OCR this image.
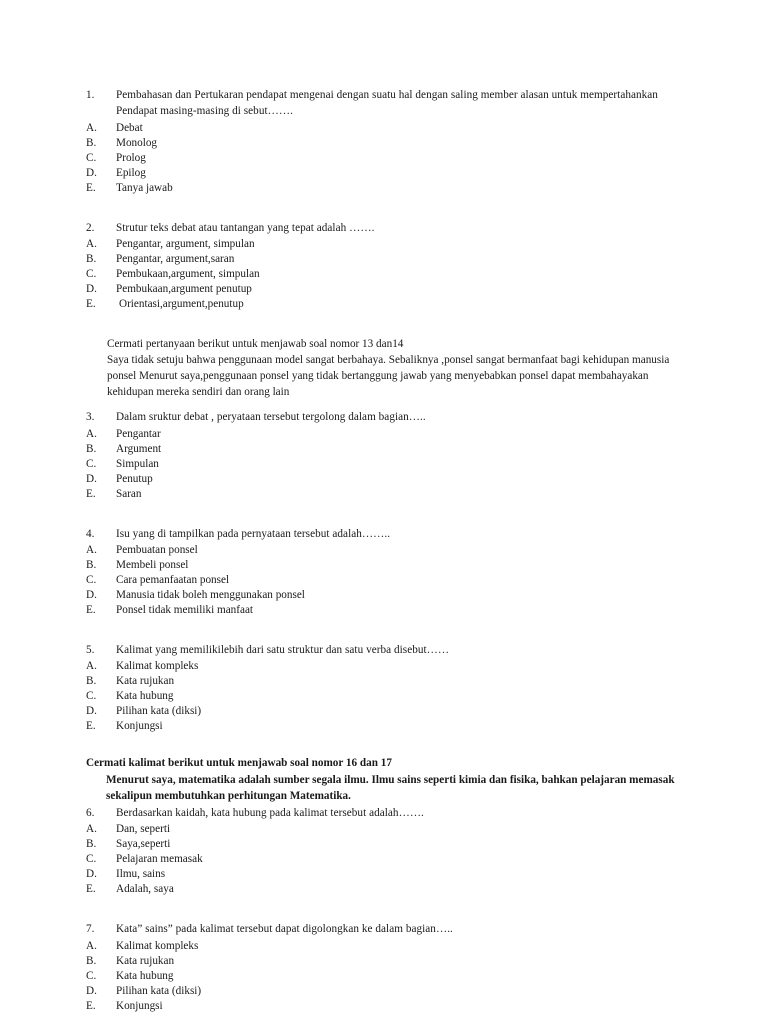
1.	Pembahasan dan Pertukaran pendapat mengenai dengan suatu hal dengan saling member alasan untuk mempertahankan
Pendapat masing-masing di sebut…….
A.	Debat
B.	Monolog
C.	Prolog
D.	Epilog
E.	Tanya jawab
2.	Strutur teks debat atau tantangan yang tepat adalah …….
A.	Pengantar, argument, simpulan
B.	Pengantar, argument,saran
C.	Pembukaan,argument, simpulan
D.	Pembukaan,argument penutup
E.	Orientasi,argument,penutup
Cermati pertanyaan berikut untuk menjawab soal nomor 13 dan14
Saya tidak setuju bahwa penggunaan model sangat berbahaya. Sebaliknya ,ponsel sangat bermanfaat bagi kehidupan manusia ponsel Menurut saya,penggunaan ponsel yang tidak bertanggung jawab yang menyebabkan ponsel dapat membahayakan kehidupan mereka sendiri dan orang lain
3.	Dalam sruktur debat , peryataan tersebut tergolong dalam bagian…..
A.	Pengantar
B.	Argument
C.	Simpulan
D.	Penutup
E.	Saran
4.	Isu yang di tampilkan pada pernyataan tersebut adalah……..
A.	Pembuatan ponsel
B.	Membeli ponsel
C.	Cara pemanfaatan ponsel
D.	Manusia tidak boleh menggunakan ponsel
E.	Ponsel tidak memiliki manfaat
5.	Kalimat yang memilikilebih dari satu struktur dan satu verba disebut……
A.	Kalimat kompleks
B.	Kata rujukan
C.	Kata hubung
D.	Pilihan kata (diksi)
E.	Konjungsi
Cermati kalimat berikut untuk menjawab soal nomor 16 dan 17
Menurut saya, matematika adalah sumber segala ilmu. Ilmu sains seperti kimia dan fisika, bahkan pelajaran memasak sekalipun membutuhkan perhitungan Matematika.
6.	Berdasarkan kaidah, kata hubung pada kalimat tersebut adalah…….
A.	Dan, seperti
B.	Saya,seperti
C.	Pelajaran memasak
D.	Ilmu, sains
E.	Adalah, saya
7.	Kata” sains” pada kalimat tersebut dapat digolongkan ke dalam bagian…..
A.	Kalimat kompleks
B.	Kata rujukan
C.	Kata hubung
D.	Pilihan kata (diksi)
E.	Konjungsi
